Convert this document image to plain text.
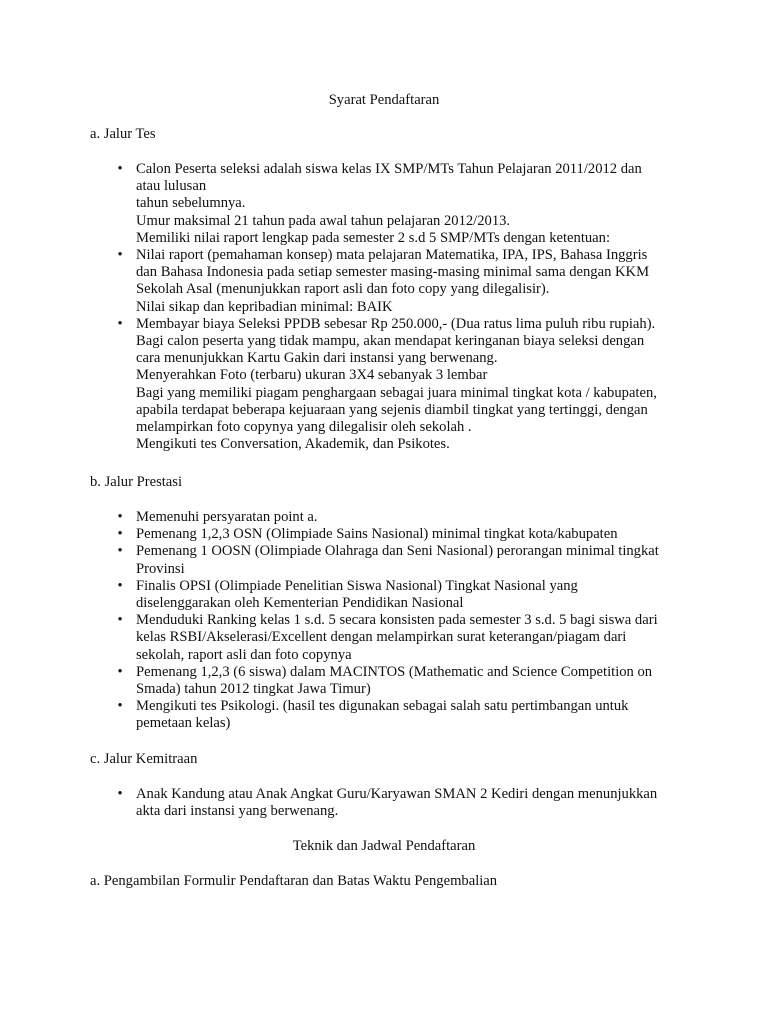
Syarat Pendaftaran
a. Jalur Tes
• Calon Peserta seleksi adalah siswa kelas IX SMP/MTs Tahun Pelajaran 2011/2012 dan
atau lulusan
tahun sebelumnya.
Umur maksimal 21 tahun pada awal tahun pelajaran 2012/2013.
Memiliki nilai raport lengkap pada semester 2 s.d 5 SMP/MTs dengan ketentuan:
• Nilai raport (pemahaman konsep) mata pelajaran Matematika, IPA, IPS, Bahasa Inggris
dan Bahasa Indonesia pada setiap semester masing-masing minimal sama dengan KKM
Sekolah Asal (menunjukkan raport asli dan foto copy yang dilegalisir).
Nilai sikap dan kepribadian minimal: BAIK
• Membayar biaya Seleksi PPDB sebesar Rp 250.000,- (Dua ratus lima puluh ribu rupiah).
Bagi calon peserta yang tidak mampu, akan mendapat keringanan biaya seleksi dengan
cara menunjukkan Kartu Gakin dari instansi yang berwenang.
Menyerahkan Foto (terbaru) ukuran 3X4 sebanyak 3 lembar
Bagi yang memiliki piagam penghargaan sebagai juara minimal tingkat kota / kabupaten,
apabila terdapat beberapa kejuaraan yang sejenis diambil tingkat yang tertinggi, dengan
melampirkan foto copynya yang dilegalisir oleh sekolah .
Mengikuti tes Conversation, Akademik, dan Psikotes.
b. Jalur Prestasi
• Memenuhi persyaratan point a.
• Pemenang 1,2,3 OSN (Olimpiade Sains Nasional) minimal tingkat kota/kabupaten
• Pemenang 1 OOSN (Olimpiade Olahraga dan Seni Nasional) perorangan minimal tingkat
Provinsi
• Finalis OPSI (Olimpiade Penelitian Siswa Nasional) Tingkat Nasional yang
diselenggarakan oleh Kementerian Pendidikan Nasional
• Menduduki Ranking kelas 1 s.d. 5 secara konsisten pada semester 3 s.d. 5 bagi siswa dari
kelas RSBI/Akselerasi/Excellent dengan melampirkan surat keterangan/piagam dari
sekolah, raport asli dan foto copynya
• Pemenang 1,2,3 (6 siswa) dalam MACINTOS (Mathematic and Science Competition on
Smada) tahun 2012 tingkat Jawa Timur)
• Mengikuti tes Psikologi. (hasil tes digunakan sebagai salah satu pertimbangan untuk
pemetaan kelas)
c. Jalur Kemitraan
• Anak Kandung atau Anak Angkat Guru/Karyawan SMAN 2 Kediri dengan menunjukkan
akta dari instansi yang berwenang.
Teknik dan Jadwal Pendaftaran
a. Pengambilan Formulir Pendaftaran dan Batas Waktu Pengembalian
